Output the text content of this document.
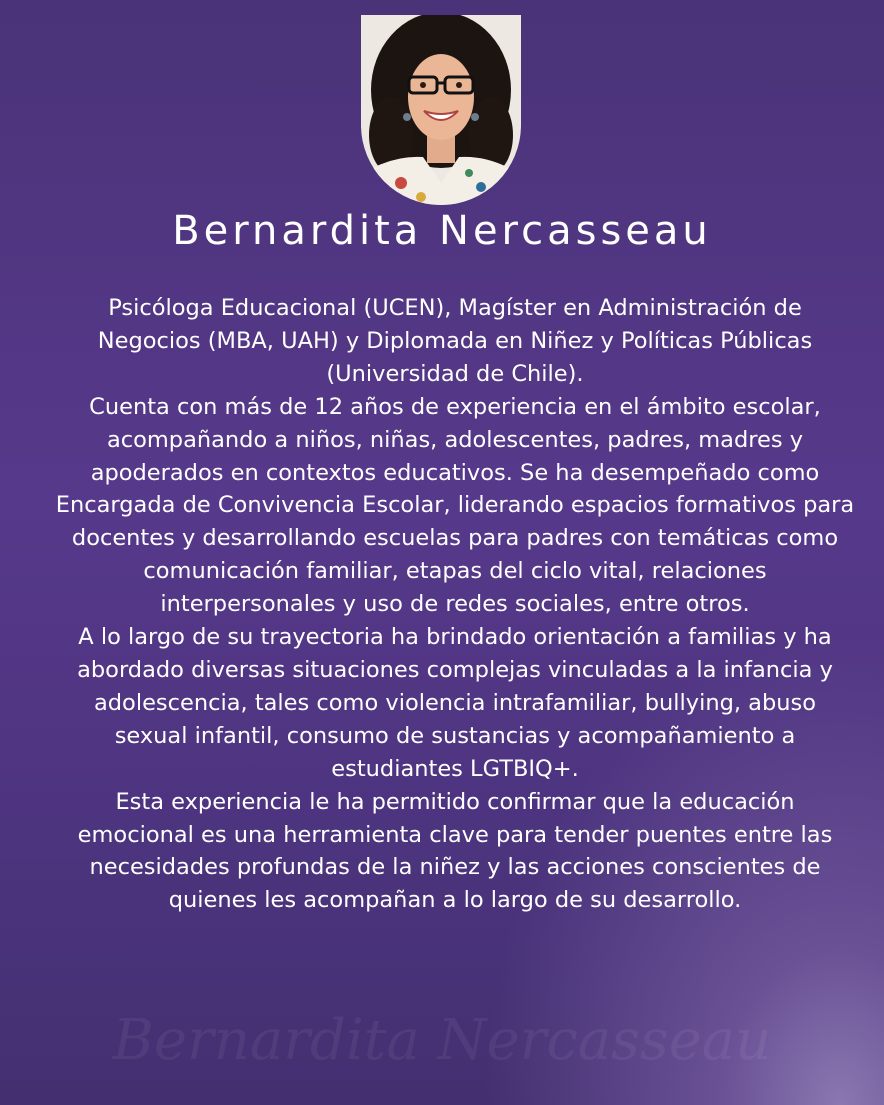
Bernardita Nercasseau

Psicóloga Educacional (UCEN), Magíster en Administración de Negocios (MBA, UAH) y Diplomada en Niñez y Políticas Públicas (Universidad de Chile).
Cuenta con más de 12 años de experiencia en el ámbito escolar, acompañando a niños, niñas, adolescentes, padres, madres y apoderados en contextos educativos. Se ha desempeñado como Encargada de Convivencia Escolar, liderando espacios formativos para docentes y desarrollando escuelas para padres con temáticas como comunicación familiar, etapas del ciclo vital, relaciones interpersonales y uso de redes sociales, entre otros.
A lo largo de su trayectoria ha brindado orientación a familias y ha abordado diversas situaciones complejas vinculadas a la infancia y adolescencia, tales como violencia intrafamiliar, bullying, abuso sexual infantil, consumo de sustancias y acompañamiento a estudiantes LGTBIQ+.
Esta experiencia le ha permitido confirmar que la educación emocional es una herramienta clave para tender puentes entre las necesidades profundas de la niñez y las acciones conscientes de quienes les acompañan a lo largo de su desarrollo.

Bernardita Nercasseau
